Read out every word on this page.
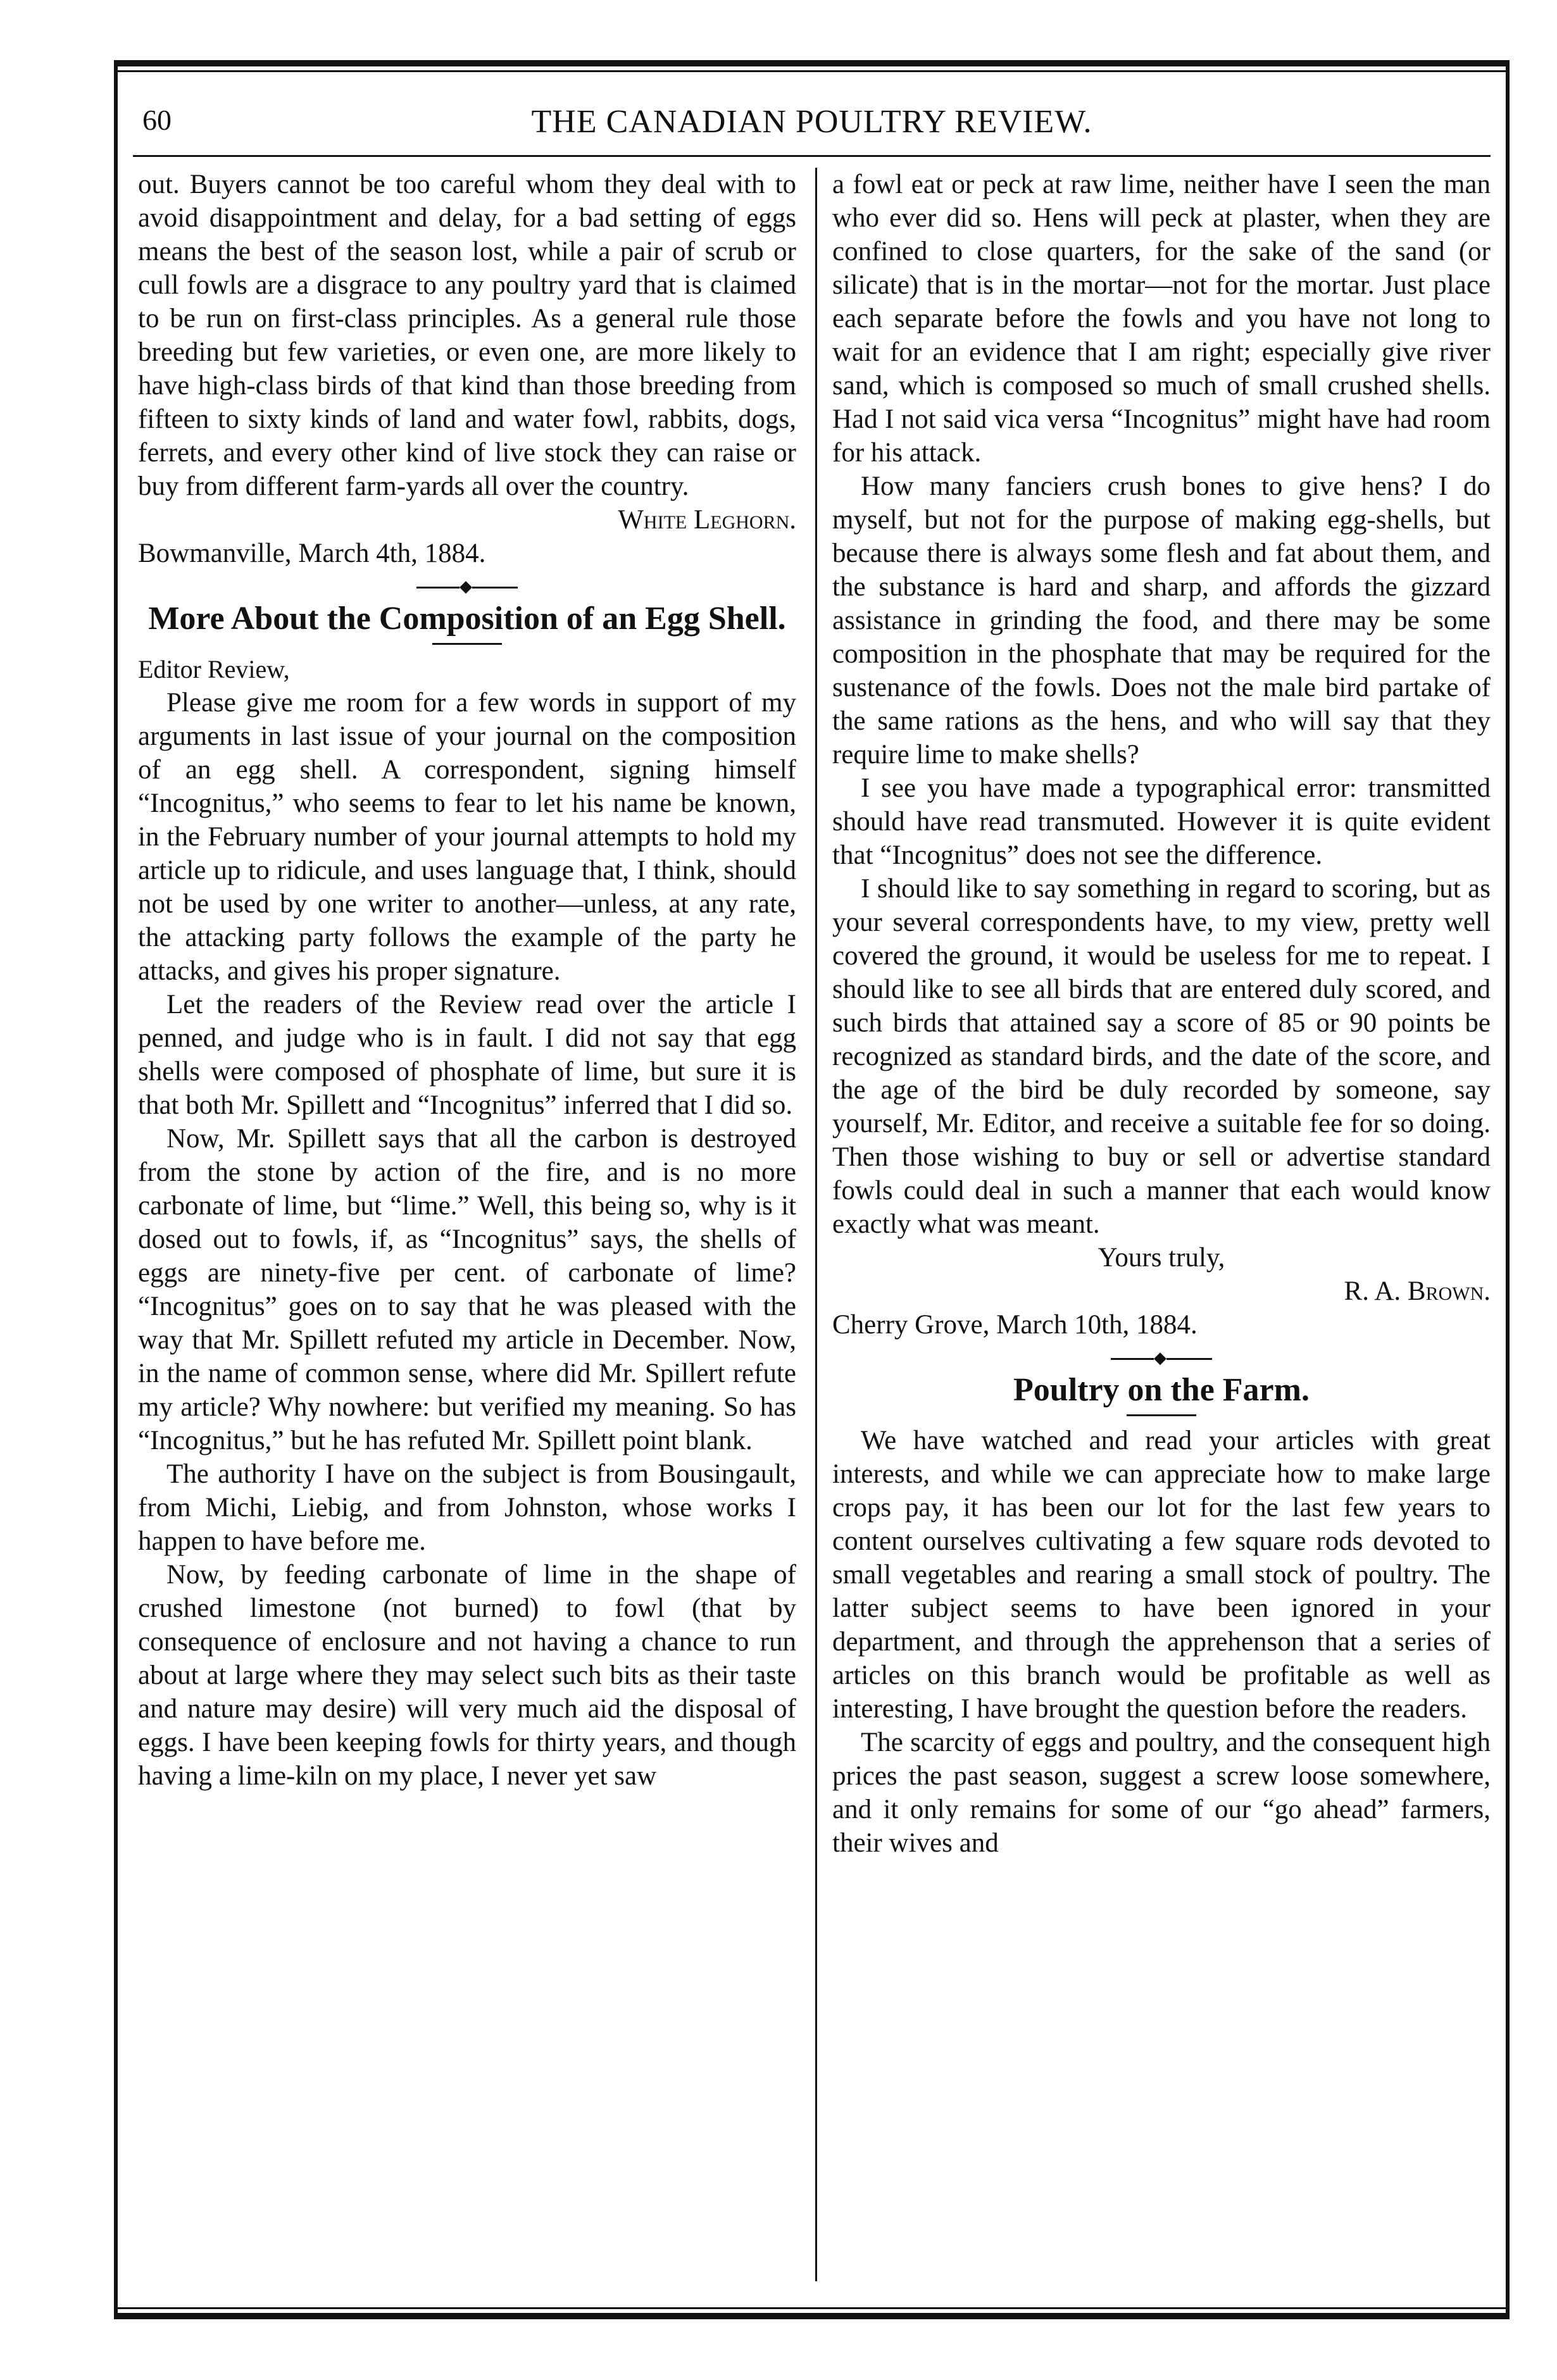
60	THE CANADIAN POULTRY REVIEW.

out. Buyers cannot be too careful whom they deal with to avoid disappointment and delay, for a bad setting of eggs means the best of the season lost, while a pair of scrub or cull fowls are a disgrace to any poultry yard that is claimed to be run on first-class principles. As a general rule those breeding but few varieties, or even one, are more likely to have high-class birds of that kind than those breeding from fifteen to sixty kinds of land and water fowl, rabbits, dogs, ferrets, and every other kind of live stock they can raise or buy from different farm-yards all over the country.

White Leghorn.

Bowmanville, March 4th, 1884.

◆
More About the Composition of an Egg Shell.

Editor Review,

Please give me room for a few words in support of my arguments in last issue of your journal on the composition of an egg shell. A correspondent, signing himself “Incognitus,” who seems to fear to let his name be known, in the February number of your journal attempts to hold my article up to ridicule, and uses language that, I think, should not be used by one writer to another—unless, at any rate, the attacking party follows the example of the party he attacks, and gives his proper signature.

Let the readers of the Review read over the article I penned, and judge who is in fault. I did not say that egg shells were composed of phosphate of lime, but sure it is that both Mr. Spillett and “Incognitus” inferred that I did so.

Now, Mr. Spillett says that all the carbon is destroyed from the stone by action of the fire, and is no more carbonate of lime, but “lime.” Well, this being so, why is it dosed out to fowls, if, as “Incognitus” says, the shells of eggs are ninety-five per cent. of carbonate of lime? “Incognitus” goes on to say that he was pleased with the way that Mr. Spillett refuted my article in December. Now, in the name of common sense, where did Mr. Spillert refute my article? Why nowhere: but verified my meaning. So has “Incognitus,” but he has refuted Mr. Spillett point blank.

The authority I have on the subject is from Bousingault, from Michi, Liebig, and from Johnston, whose works I happen to have before me.

Now, by feeding carbonate of lime in the shape of crushed limestone (not burned) to fowl (that by consequence of enclosure and not having a chance to run about at large where they may select such bits as their taste and nature may desire) will very much aid the disposal of eggs. I have been keeping fowls for thirty years, and though having a lime-kiln on my place, I never yet saw

a fowl eat or peck at raw lime, neither have I seen the man who ever did so. Hens will peck at plaster, when they are confined to close quarters, for the sake of the sand (or silicate) that is in the mortar—not for the mortar. Just place each separate before the fowls and you have not long to wait for an evidence that I am right; especially give river sand, which is composed so much of small crushed shells. Had I not said vica versa “Incognitus” might have had room for his attack.

How many fanciers crush bones to give hens? I do myself, but not for the purpose of making egg-shells, but because there is always some flesh and fat about them, and the substance is hard and sharp, and affords the gizzard assistance in grinding the food, and there may be some composition in the phosphate that may be required for the sustenance of the fowls. Does not the male bird partake of the same rations as the hens, and who will say that they require lime to make shells?

I see you have made a typographical error: transmitted should have read transmuted. However it is quite evident that “Incognitus” does not see the difference.

I should like to say something in regard to scoring, but as your several correspondents have, to my view, pretty well covered the ground, it would be useless for me to repeat. I should like to see all birds that are entered duly scored, and such birds that attained say a score of 85 or 90 points be recognized as standard birds, and the date of the score, and the age of the bird be duly recorded by someone, say yourself, Mr. Editor, and receive a suitable fee for so doing. Then those wishing to buy or sell or advertise standard fowls could deal in such a manner that each would know exactly what was meant.

Yours truly,

R. A. Brown.

Cherry Grove, March 10th, 1884.

◆
Poultry on the Farm.

We have watched and read your articles with great interests, and while we can appreciate how to make large crops pay, it has been our lot for the last few years to content ourselves cultivating a few square rods devoted to small vegetables and rearing a small stock of poultry. The latter subject seems to have been ignored in your department, and through the apprehenson that a series of articles on this branch would be profitable as well as interesting, I have brought the question before the readers.

The scarcity of eggs and poultry, and the consequent high prices the past season, suggest a screw loose somewhere, and it only remains for some of our “go ahead” farmers, their wives and
